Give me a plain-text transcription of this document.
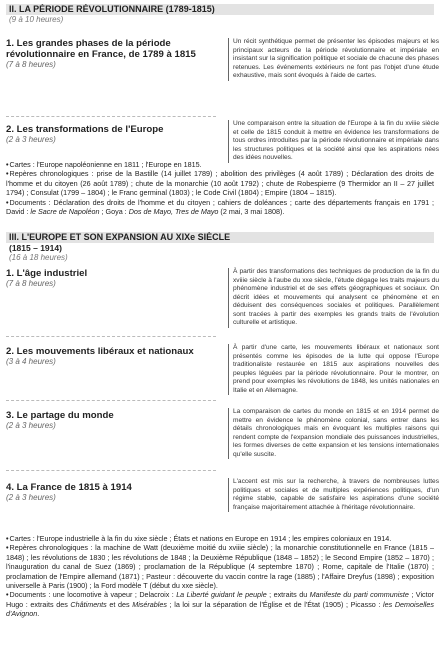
II. LA PÉRIODE RÉVOLUTIONNAIRE (1789-1815)
(9 à 10 heures)
1. Les grandes phases de la période révolutionnaire en France, de 1789 à 1815
(7 à 8 heures)
Un récit synthétique permet de présenter les épisodes majeurs et les principaux acteurs de la période révolutionnaire et impériale en insistant sur la signification politique et sociale de chacune des phases retenues. Les événements extérieurs ne font pas l'objet d'une étude exhaustive, mais sont évoqués à l'aide de cartes.
2. Les transformations de l'Europe
(2 à 3 heures)
Une comparaison entre la situation de l'Europe à la fin du xviiie siècle et celle de 1815 conduit à mettre en évidence les transformations de tous ordres introduites par la période révolutionnaire et impériale dans les structures politiques et la société ainsi que les aspirations nées des idées nouvelles.

•Cartes : l'Europe napoléonienne en 1811 ; l'Europe en 1815.

•Repères chronologiques : prise de la Bastille (14 juillet 1789) ; abolition des privilèges (4 août 1789) ; Déclaration des droits de l'homme et du citoyen (26 août 1789) ; chute de la monarchie (10 août 1792) ; chute de Robespierre (9 Thermidor an II – 27 juillet 1794) ; Consulat (1799 – 1804) ; le Franc germinal (1803) ; le Code Civil (1804) ; Empire (1804 – 1815).

•Documents : Déclaration des droits de l'homme et du citoyen ; cahiers de doléances ; carte des départements français en 1791 ; David : le Sacre de Napoléon ; Goya : Dos de Mayo, Tres de Mayo (2 mai, 3 mai 1808).

III. L'EUROPE ET SON EXPANSION AU XIXe SIÈCLE
(1815 – 1914)
(16 à 18 heures)
1. L'âge industriel
(7 à 8 heures)
À partir des transformations des techniques de production de la fin du xviiie siècle à l'aube du xxe siècle, l'étude dégage les traits majeurs du phénomène industriel et de ses effets géographiques et sociaux. On décrit idées et mouvements qui analysent ce phénomène et en déduisent des conséquences sociales et politiques. Parallèlement sont tracées à partir des exemples les grands traits de l'évolution culturelle et artistique.
2. Les mouvements libéraux et nationaux
(3 à 4 heures)
À partir d'une carte, les mouvements libéraux et nationaux sont présentés comme les épisodes de la lutte qui oppose l'Europe traditionaliste restaurée en 1815 aux aspirations nouvelles des peuples léguées par la période révolutionnaire. Pour le montrer, on prend pour exemples les révolutions de 1848, les unités nationales en Italie et en Allemagne.
3. Le partage du monde
(2 à 3 heures)
La comparaison de cartes du monde en 1815 et en 1914 permet de mettre en évidence le phénomène colonial, sans entrer dans les détails chronologiques mais en évoquant les multiples raisons qui rendent compte de l'expansion mondiale des puissances industrielles, les formes diverses de cette expansion et les tensions internationales qu'elle suscite.
4. La France de 1815 à 1914
(2 à 3 heures)
L'accent est mis sur la recherche, à travers de nombreuses luttes politiques et sociales et de multiples expériences politiques, d'un régime stable, capable de satisfaire les aspirations d'une société française majoritairement attachée à l'héritage révolutionnaire.

•Cartes : l'Europe industrielle à la fin du xixe siècle ; États et nations en Europe en 1914 ; les empires coloniaux en 1914.

•Repères chronologiques : la machine de Watt (deuxième moitié du xviiie siècle) ; la monarchie constitutionnelle en France (1815 – 1848) ; les révolutions de 1830 ; les révolutions de 1848 ; la Deuxième République (1848 – 1852) ; le Second Empire (1852 – 1870) ; l'inauguration du canal de Suez (1869) ; proclamation de la République (4 septembre 1870) ; Rome, capitale de l'Italie (1870) ; proclamation de l'Empire allemand (1871) ; Pasteur : découverte du vaccin contre la rage (1885) ; l'Affaire Dreyfus (1898) ; exposition universelle à Paris (1900) ; la Ford modèle T (début du xxe siècle).

•Documents : une locomotive à vapeur ; Delacroix : La Liberté guidant le peuple ; extraits du Manifeste du parti communiste ; Victor Hugo : extraits des Châtiments et des Misérables ; la loi sur la séparation de l'Église et de l'État (1905) ; Picasso : les Demoiselles d'Avignon.
